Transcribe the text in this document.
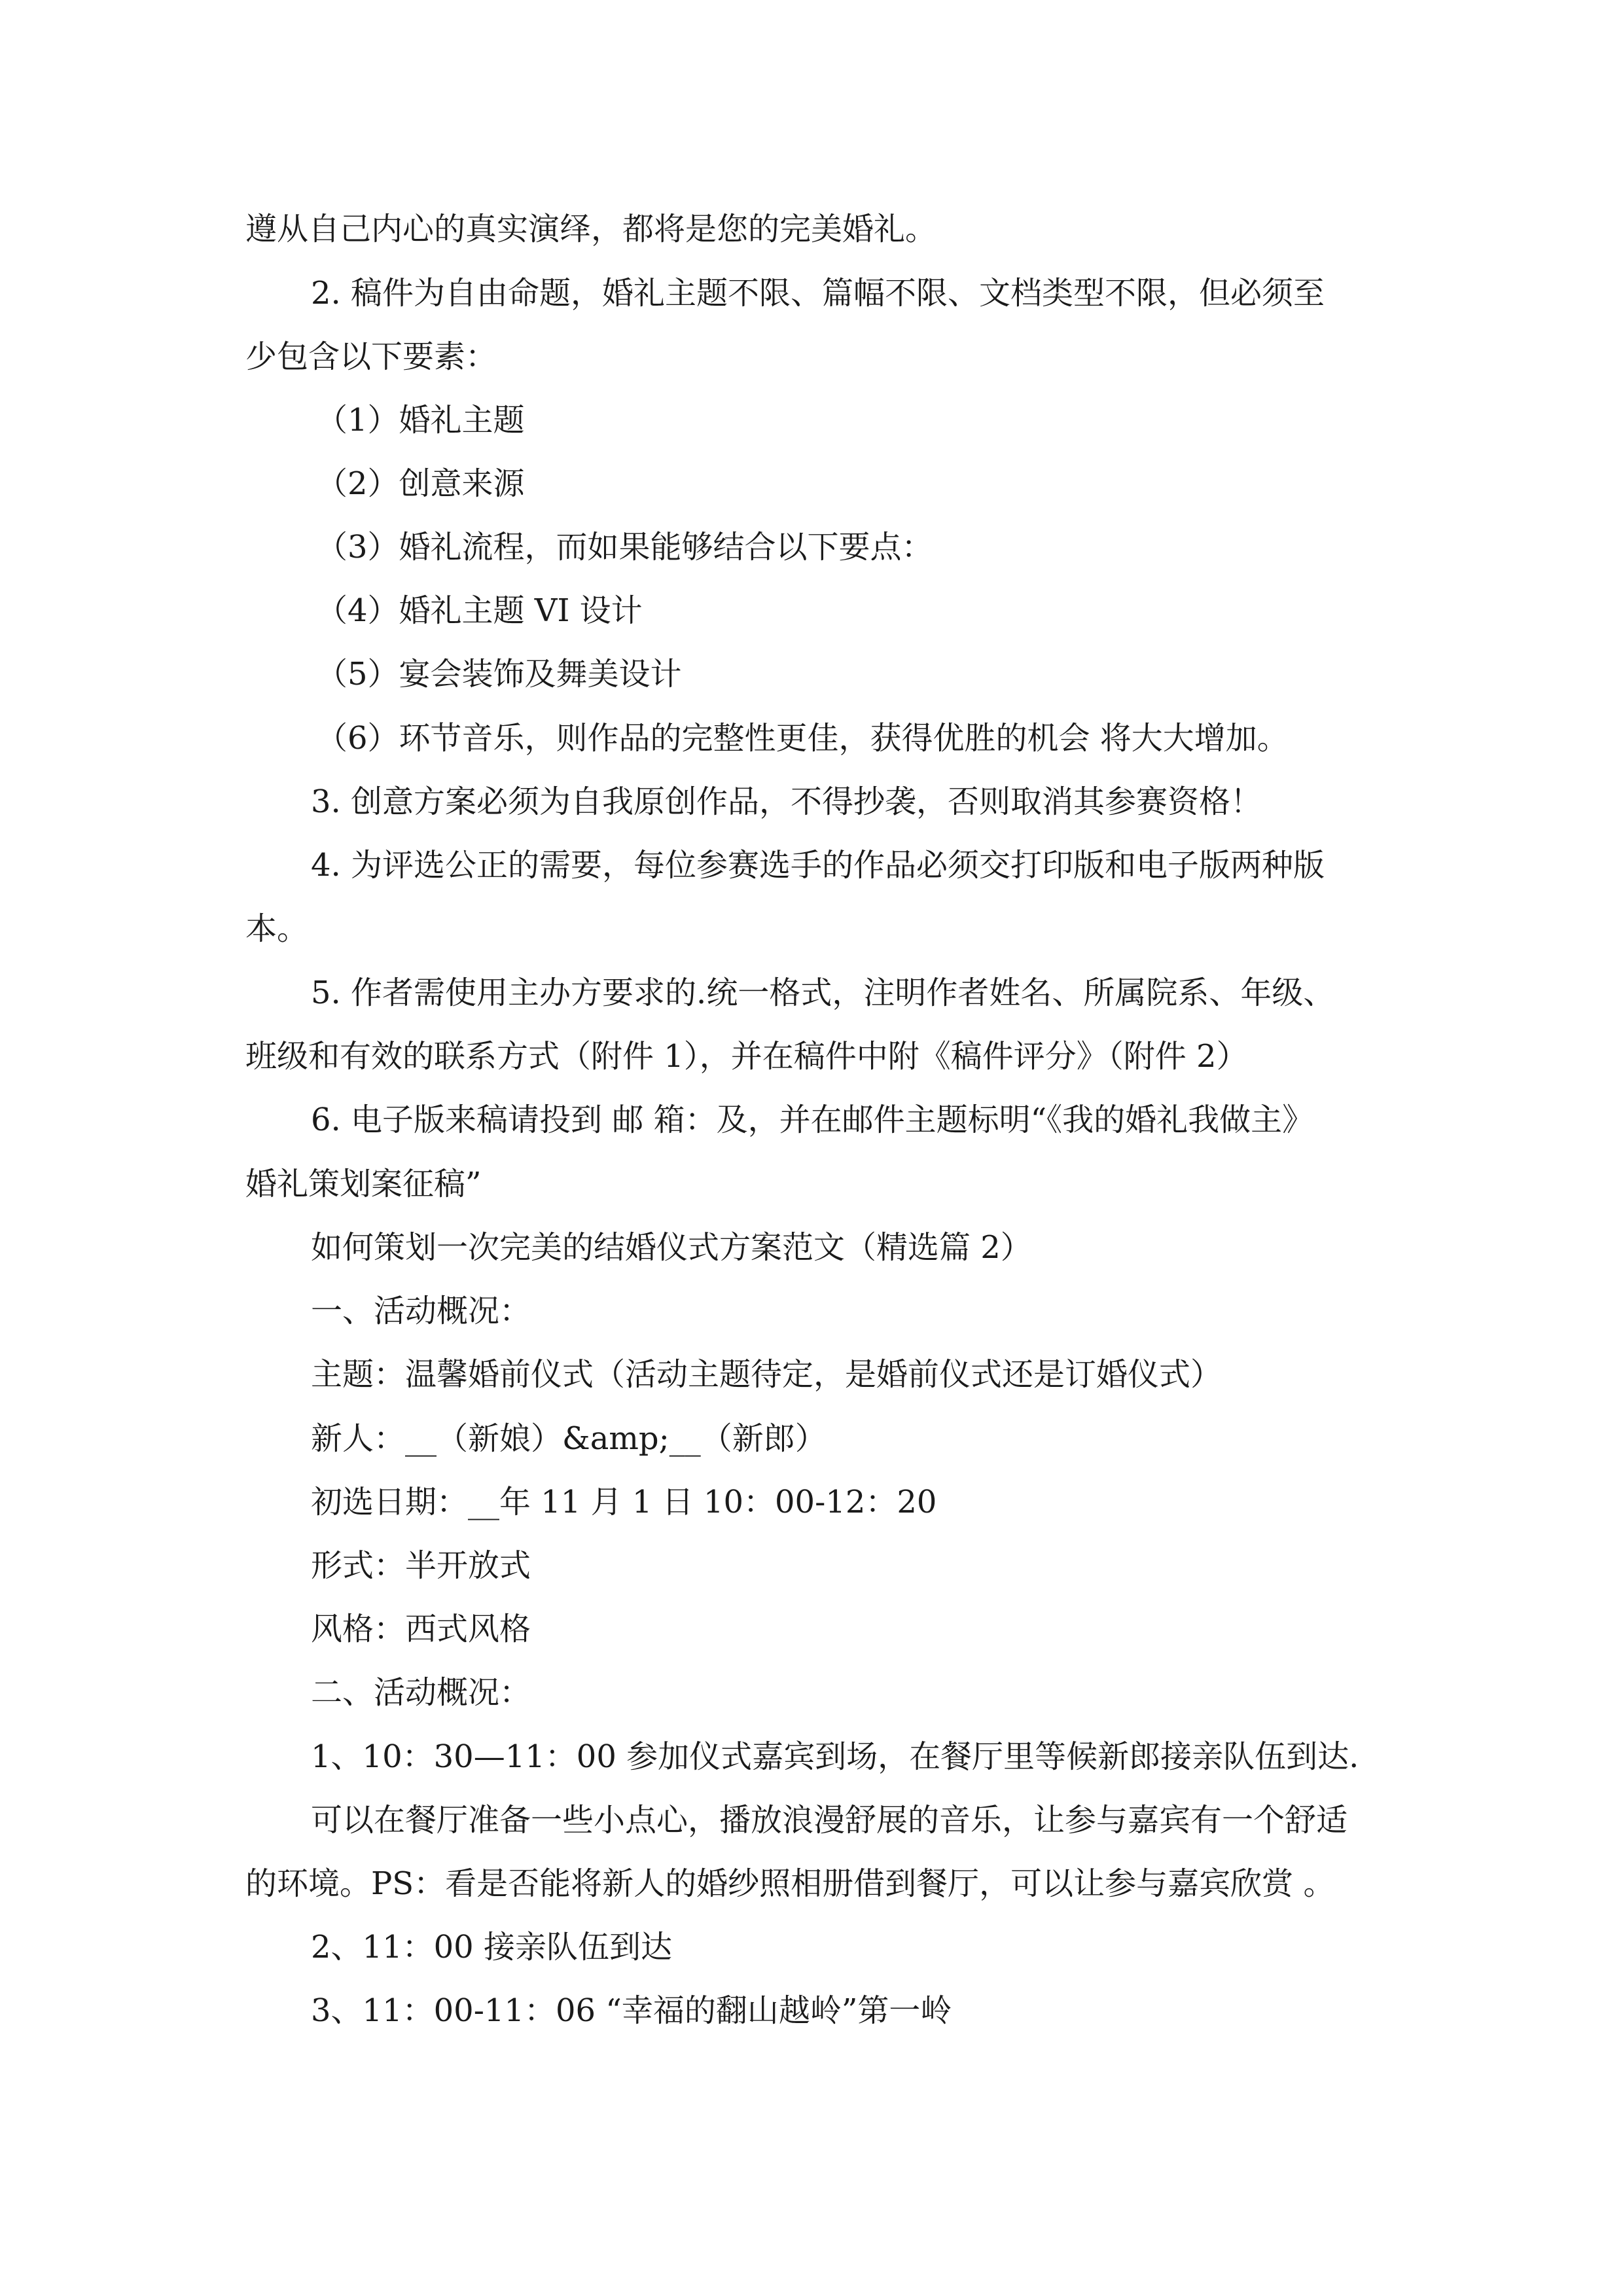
遵从自己内心的真实演绎，都将是您的完美婚礼。

2. 稿件为自由命题，婚礼主题不限、篇幅不限、文档类型不限，但必须至

少包含以下要素：

（1）婚礼主题

（2）创意来源

（3）婚礼流程，而如果能够结合以下要点：

（4）婚礼主题 VI 设计

（5）宴会装饰及舞美设计

（6）环节音乐，则作品的完整性更佳，获得优胜的机会 将大大增加。

3. 创意方案必须为自我原创作品，不得抄袭，否则取消其参赛资格！

4. 为评选公正的需要，每位参赛选手的作品必须交打印版和电子版两种版

本。

5. 作者需使用主办方要求的.统一格式，注明作者姓名、所属院系、年级、

班级和有效的联系方式（附件 1），并在稿件中附《稿件评分》（附件 2）

6. 电子版来稿请投到 邮 箱：及，并在邮件主题标明“《我的婚礼我做主》

婚礼策划案征稿”

如何策划一次完美的结婚仪式方案范文（精选篇 2）

一、活动概况：

主题：温馨婚前仪式（活动主题待定，是婚前仪式还是订婚仪式）

新人：__（新娘）&amp;__（新郎）

初选日期：__年 11 月 1 日 10：00-12：20

形式：半开放式

风格：西式风格

二、活动概况：

1、10：30—11：00 参加仪式嘉宾到场，在餐厅里等候新郎接亲队伍到达.

可以在餐厅准备一些小点心，播放浪漫舒展的音乐，让参与嘉宾有一个舒适

的环境。PS：看是否能将新人的婚纱照相册借到餐厅，可以让参与嘉宾欣赏 。

2、11：00 接亲队伍到达

3、11：00-11：06 “幸福的翻山越岭”第一岭
